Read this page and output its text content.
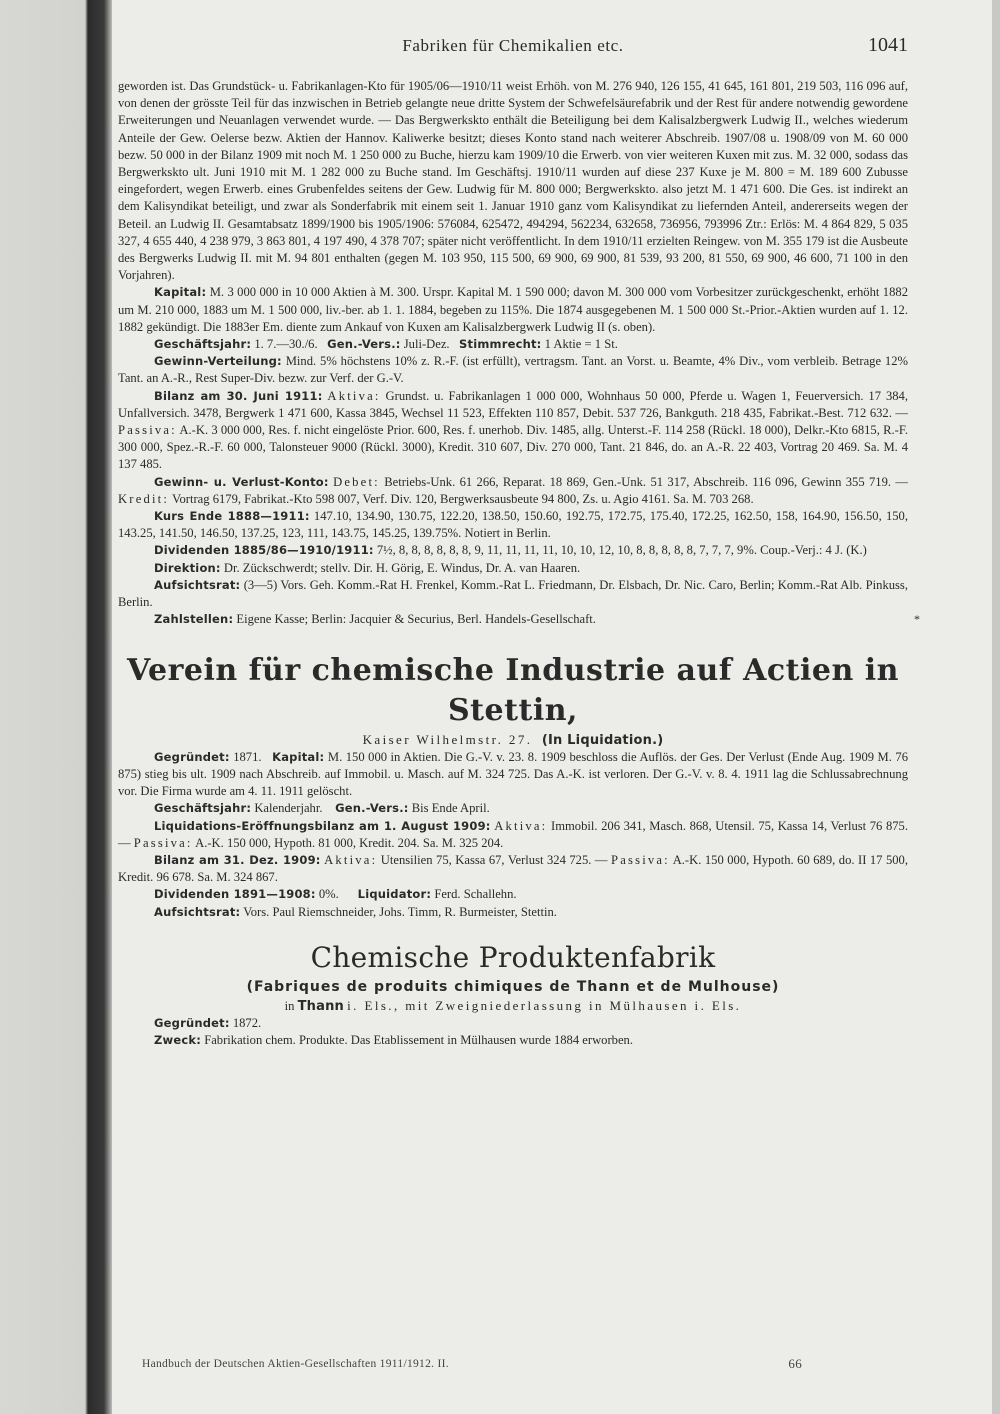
Fabriken für Chemikalien etc.	1041

geworden ist. Das Grundstück- u. Fabrikanlagen-Kto für 1905/06—1910/11 weist Erhöh. von M. 276 940, 126 155, 41 645, 161 801, 219 503, 116 096 auf, von denen der grösste Teil für das inzwischen in Betrieb gelangte neue dritte System der Schwefelsäurefabrik und der Rest für andere notwendig gewordene Erweiterungen und Neuanlagen verwendet wurde. — Das Bergwerkskto enthält die Beteiligung bei dem Kalisalzbergwerk Ludwig II., welches wiederum Anteile der Gew. Oelerse bezw. Aktien der Hannov. Kaliwerke besitzt; dieses Konto stand nach weiterer Abschreib. 1907/08 u. 1908/09 von M. 60 000 bezw. 50 000 in der Bilanz 1909 mit noch M. 1 250 000 zu Buche, hierzu kam 1909/10 die Erwerb. von vier weiteren Kuxen mit zus. M. 32 000, sodass das Bergwerkskto ult. Juni 1910 mit M. 1 282 000 zu Buche stand. Im Geschäftsj. 1910/11 wurden auf diese 237 Kuxe je M. 800 = M. 189 600 Zubusse eingefordert, wegen Erwerb. eines Grubenfeldes seitens der Gew. Ludwig für M. 800 000; Bergwerkskto. also jetzt M. 1 471 600. Die Ges. ist indirekt an dem Kalisyndikat beteiligt, und zwar als Sonderfabrik mit einem seit 1. Januar 1910 ganz vom Kalisyndikat zu liefernden Anteil, andererseits wegen der Beteil. an Ludwig II. Gesamtabsatz 1899/1900 bis 1905/1906: 576084, 625472, 494294, 562234, 632658, 736956, 793996 Ztr.: Erlös: M. 4 864 829, 5 035 327, 4 655 440, 4 238 979, 3 863 801, 4 197 490, 4 378 707; später nicht veröffentlicht. In dem 1910/11 erzielten Reingew. von M. 355 179 ist die Ausbeute des Bergwerks Ludwig II. mit M. 94 801 enthalten (gegen M. 103 950, 115 500, 69 900, 69 900, 81 539, 93 200, 81 550, 69 900, 46 600, 71 100 in den Vorjahren).

Kapital: M. 3 000 000 in 10 000 Aktien à M. 300. Urspr. Kapital M. 1 590 000; davon M. 300 000 vom Vorbesitzer zurückgeschenkt, erhöht 1882 um M. 210 000, 1883 um M. 1 500 000, liv.-ber. ab 1. 1. 1884, begeben zu 115%. Die 1874 ausgegebenen M. 1 500 000 St.-Prior.-Aktien wurden auf 1. 12. 1882 gekündigt. Die 1883er Em. diente zum Ankauf von Kuxen am Kalisalzbergwerk Ludwig II (s. oben).

Geschäftsjahr: 1. 7.—30./6. Gen.-Vers.: Juli-Dez. Stimmrecht: 1 Aktie = 1 St.

Gewinn-Verteilung: Mind. 5% höchstens 10% z. R.-F. (ist erfüllt), vertragsm. Tant. an Vorst. u. Beamte, 4% Div., vom verbleib. Betrage 12% Tant. an A.-R., Rest Super-Div. bezw. zur Verf. der G.-V.

Bilanz am 30. Juni 1911: Aktiva: Grundst. u. Fabrikanlagen 1 000 000, Wohnhaus 50 000, Pferde u. Wagen 1, Feuerversich. 17 384, Unfallversich. 3478, Bergwerk 1 471 600, Kassa 3845, Wechsel 11 523, Effekten 110 857, Debit. 537 726, Bankguth. 218 435, Fabrikat.-Best. 712 632. — Passiva: A.-K. 3 000 000, Res. f. nicht eingelöste Prior. 600, Res. f. unerhob. Div. 1485, allg. Unterst.-F. 114 258 (Rückl. 18 000), Delkr.-Kto 6815, R.-F. 300 000, Spez.-R.-F. 60 000, Talonsteuer 9000 (Rückl. 3000), Kredit. 310 607, Div. 270 000, Tant. 21 846, do. an A.-R. 22 403, Vortrag 20 469. Sa. M. 4 137 485.

Gewinn- u. Verlust-Konto: Debet: Betriebs-Unk. 61 266, Reparat. 18 869, Gen.-Unk. 51 317, Abschreib. 116 096, Gewinn 355 719. — Kredit: Vortrag 6179, Fabrikat.-Kto 598 007, Verf. Div. 120, Bergwerksausbeute 94 800, Zs. u. Agio 4161. Sa. M. 703 268.

Kurs Ende 1888—1911: 147.10, 134.90, 130.75, 122.20, 138.50, 150.60, 192.75, 172.75, 175.40, 172.25, 162.50, 158, 164.90, 156.50, 150, 143.25, 141.50, 146.50, 137.25, 123, 111, 143.75, 145.25, 139.75%. Notiert in Berlin.

Dividenden 1885/86—1910/1911: 7½, 8, 8, 8, 8, 8, 8, 9, 11, 11, 11, 11, 10, 10, 12, 10, 8, 8, 8, 8, 8, 7, 7, 7, 9%. Coup.-Verj.: 4 J. (K.)

Direktion: Dr. Zückschwerdt; stellv. Dir. H. Görig, E. Windus, Dr. A. van Haaren.

Aufsichtsrat: (3—5) Vors. Geh. Komm.-Rat H. Frenkel, Komm.-Rat L. Friedmann, Dr. Elsbach, Dr. Nic. Caro, Berlin; Komm.-Rat Alb. Pinkuss, Berlin.

Zahlstellen: Eigene Kasse; Berlin: Jacquier & Securius, Berl. Handels-Gesellschaft.	*

Verein für chemische Industrie auf Actien in Stettin,

Kaiser Wilhelmstr. 27. (In Liquidation.)

Gegründet: 1871. Kapital: M. 150 000 in Aktien. Die G.-V. v. 23. 8. 1909 beschloss die Auflös. der Ges. Der Verlust (Ende Aug. 1909 M. 76 875) stieg bis ult. 1909 nach Abschreib. auf Immobil. u. Masch. auf M. 324 725. Das A.-K. ist verloren. Der G.-V. v. 8. 4. 1911 lag die Schlussabrechnung vor. Die Firma wurde am 4. 11. 1911 gelöscht.

Geschäftsjahr: Kalenderjahr. Gen.-Vers.: Bis Ende April.

Liquidations-Eröffnungsbilanz am 1. August 1909: Aktiva: Immobil. 206 341, Masch. 868, Utensil. 75, Kassa 14, Verlust 76 875. — Passiva: A.-K. 150 000, Hypoth. 81 000, Kredit. 204. Sa. M. 325 204.

Bilanz am 31. Dez. 1909: Aktiva: Utensilien 75, Kassa 67, Verlust 324 725. — Passiva: A.-K. 150 000, Hypoth. 60 689, do. II 17 500, Kredit. 96 678. Sa. M. 324 867.

Dividenden 1891—1908: 0%. Liquidator: Ferd. Schallehn.

Aufsichtsrat: Vors. Paul Riemschneider, Johs. Timm, R. Burmeister, Stettin.

Chemische Produktenfabrik
(Fabriques de produits chimiques de Thann et de Mulhouse)

in Thann i. Els., mit Zweigniederlassung in Mülhausen i. Els.

Gegründet: 1872.

Zweck: Fabrikation chem. Produkte. Das Etablissement in Mülhausen wurde 1884 erworben.

Handbuch der Deutschen Aktien-Gesellschaften 1911/1912. II.	66
